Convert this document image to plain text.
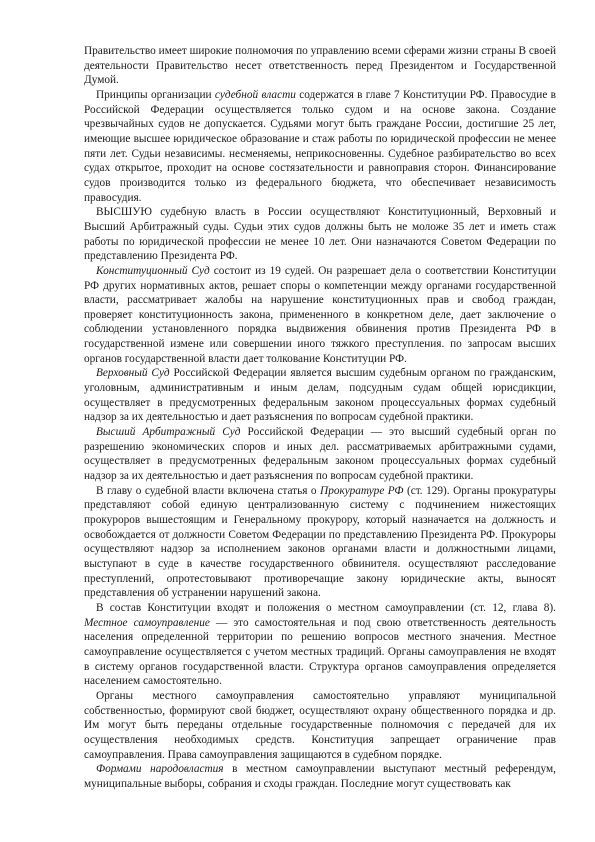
Правительство имеет широкие полномочия по управлению всеми сферами жизни страны В своей деятельности Правительство несет ответственность перед Президентом и Государственной Думой.

Принципы организации судебной власти содержатся в главе 7 Конституции РФ. Правосудие в Российской Федерации осуществляется только судом и на основе закона. Создание чрезвычайных судов не допускается. Судьями могут быть граждане России, достигшие 25 лет, имеющие высшее юридическое образование и стаж работы по юридической профессии не менее пяти лет. Судьи независимы. несменяемы, неприкосновенны. Судебное разбирательство во всех судах открытое, проходит на основе состязательности и равноправия сторон. Финансирование судов производится только из федерального бюджета, что обеспечивает независимость правосудия.

ВЫСШУЮ судебную власть в России осуществляют Конституционный, Верховный и Высший Арбитражный суды. Судьи этих судов должны быть не моложе 35 лет и иметь стаж работы по юридической профессии не менее 10 лет. Они назначаются Советом Федерации по представлению Президента РФ.

Конституционный Суд состоит из 19 судей. Он разрешает дела о соответствии Конституции РФ других нормативных актов, решает споры о компетенции между органами государственной власти, рассматривает жалобы на нарушение конституционных прав и свобод граждан, проверяет конституционность закона, примененного в конкретном деле, дает заключение о соблюдении установленного порядка выдвижения обвинения против Президента РФ в государственной измене или совершении иного тяжкого преступления. по запросам высших органов государственной власти дает толкование Конституции РФ.

Верховный Суд Российской Федерации является высшим судебным органом по гражданским, уголовным, административным и иным делам, подсудным судам общей юрисдикции, осуществляет в предусмотренных федеральным законом процессуальных формах судебный надзор за их деятельностью и дает разъяснения по вопросам судебной практики.

Высший Арбитражный Суд Российской Федерации — это высший судебный орган по разрешению экономических споров и иных дел. рассматриваемых арбитражными судами, осуществляет в предусмотренных федеральным законом процессуальных формах судебный надзор за их деятельностью и дает разъяснения по вопросам судебной практики.

В главу о судебной власти включена статья о Прокуратуре РФ (ст. 129). Органы прокуратуры представляют собой единую централизованную систему с подчинением нижестоящих прокуроров вышестоящим и Генеральному прокурору, который назначается на должность и освобождается от должности Советом Федерации по представлению Президента РФ. Прокуроры осуществляют надзор за исполнением законов органами власти и должностными лицами, выступают в суде в качестве государственного обвинителя. осуществляют расследование преступлений, опротестовывают противоречащие закону юридические акты, выносят представления об устранении нарушений закона.

В состав Конституции входят и положения о местном самоуправлении (ст. 12, глава 8). Местное самоуправление — это самостоятельная и под свою ответственность деятельность населения определенной территории по решению вопросов местного значения. Местное самоуправление осуществляется с учетом местных традиций. Органы самоуправления не входят в систему органов государственной власти. Структура органов самоуправления определяется населением самостоятельно.

Органы местного самоуправления самостоятельно управляют муниципальной собственностью, формируют свой бюджет, осуществляют охрану общественного порядка и др. Им могут быть переданы отдельные государственные полномочия с передачей для их осуществления необходимых средств. Конституция запрещает ограничение прав самоуправления. Права самоуправления защищаются в судебном порядке.

Формами народовластия в местном самоуправлении выступают местный референдум, муниципальные выборы, собрания и сходы граждан. Последние могут существовать как
